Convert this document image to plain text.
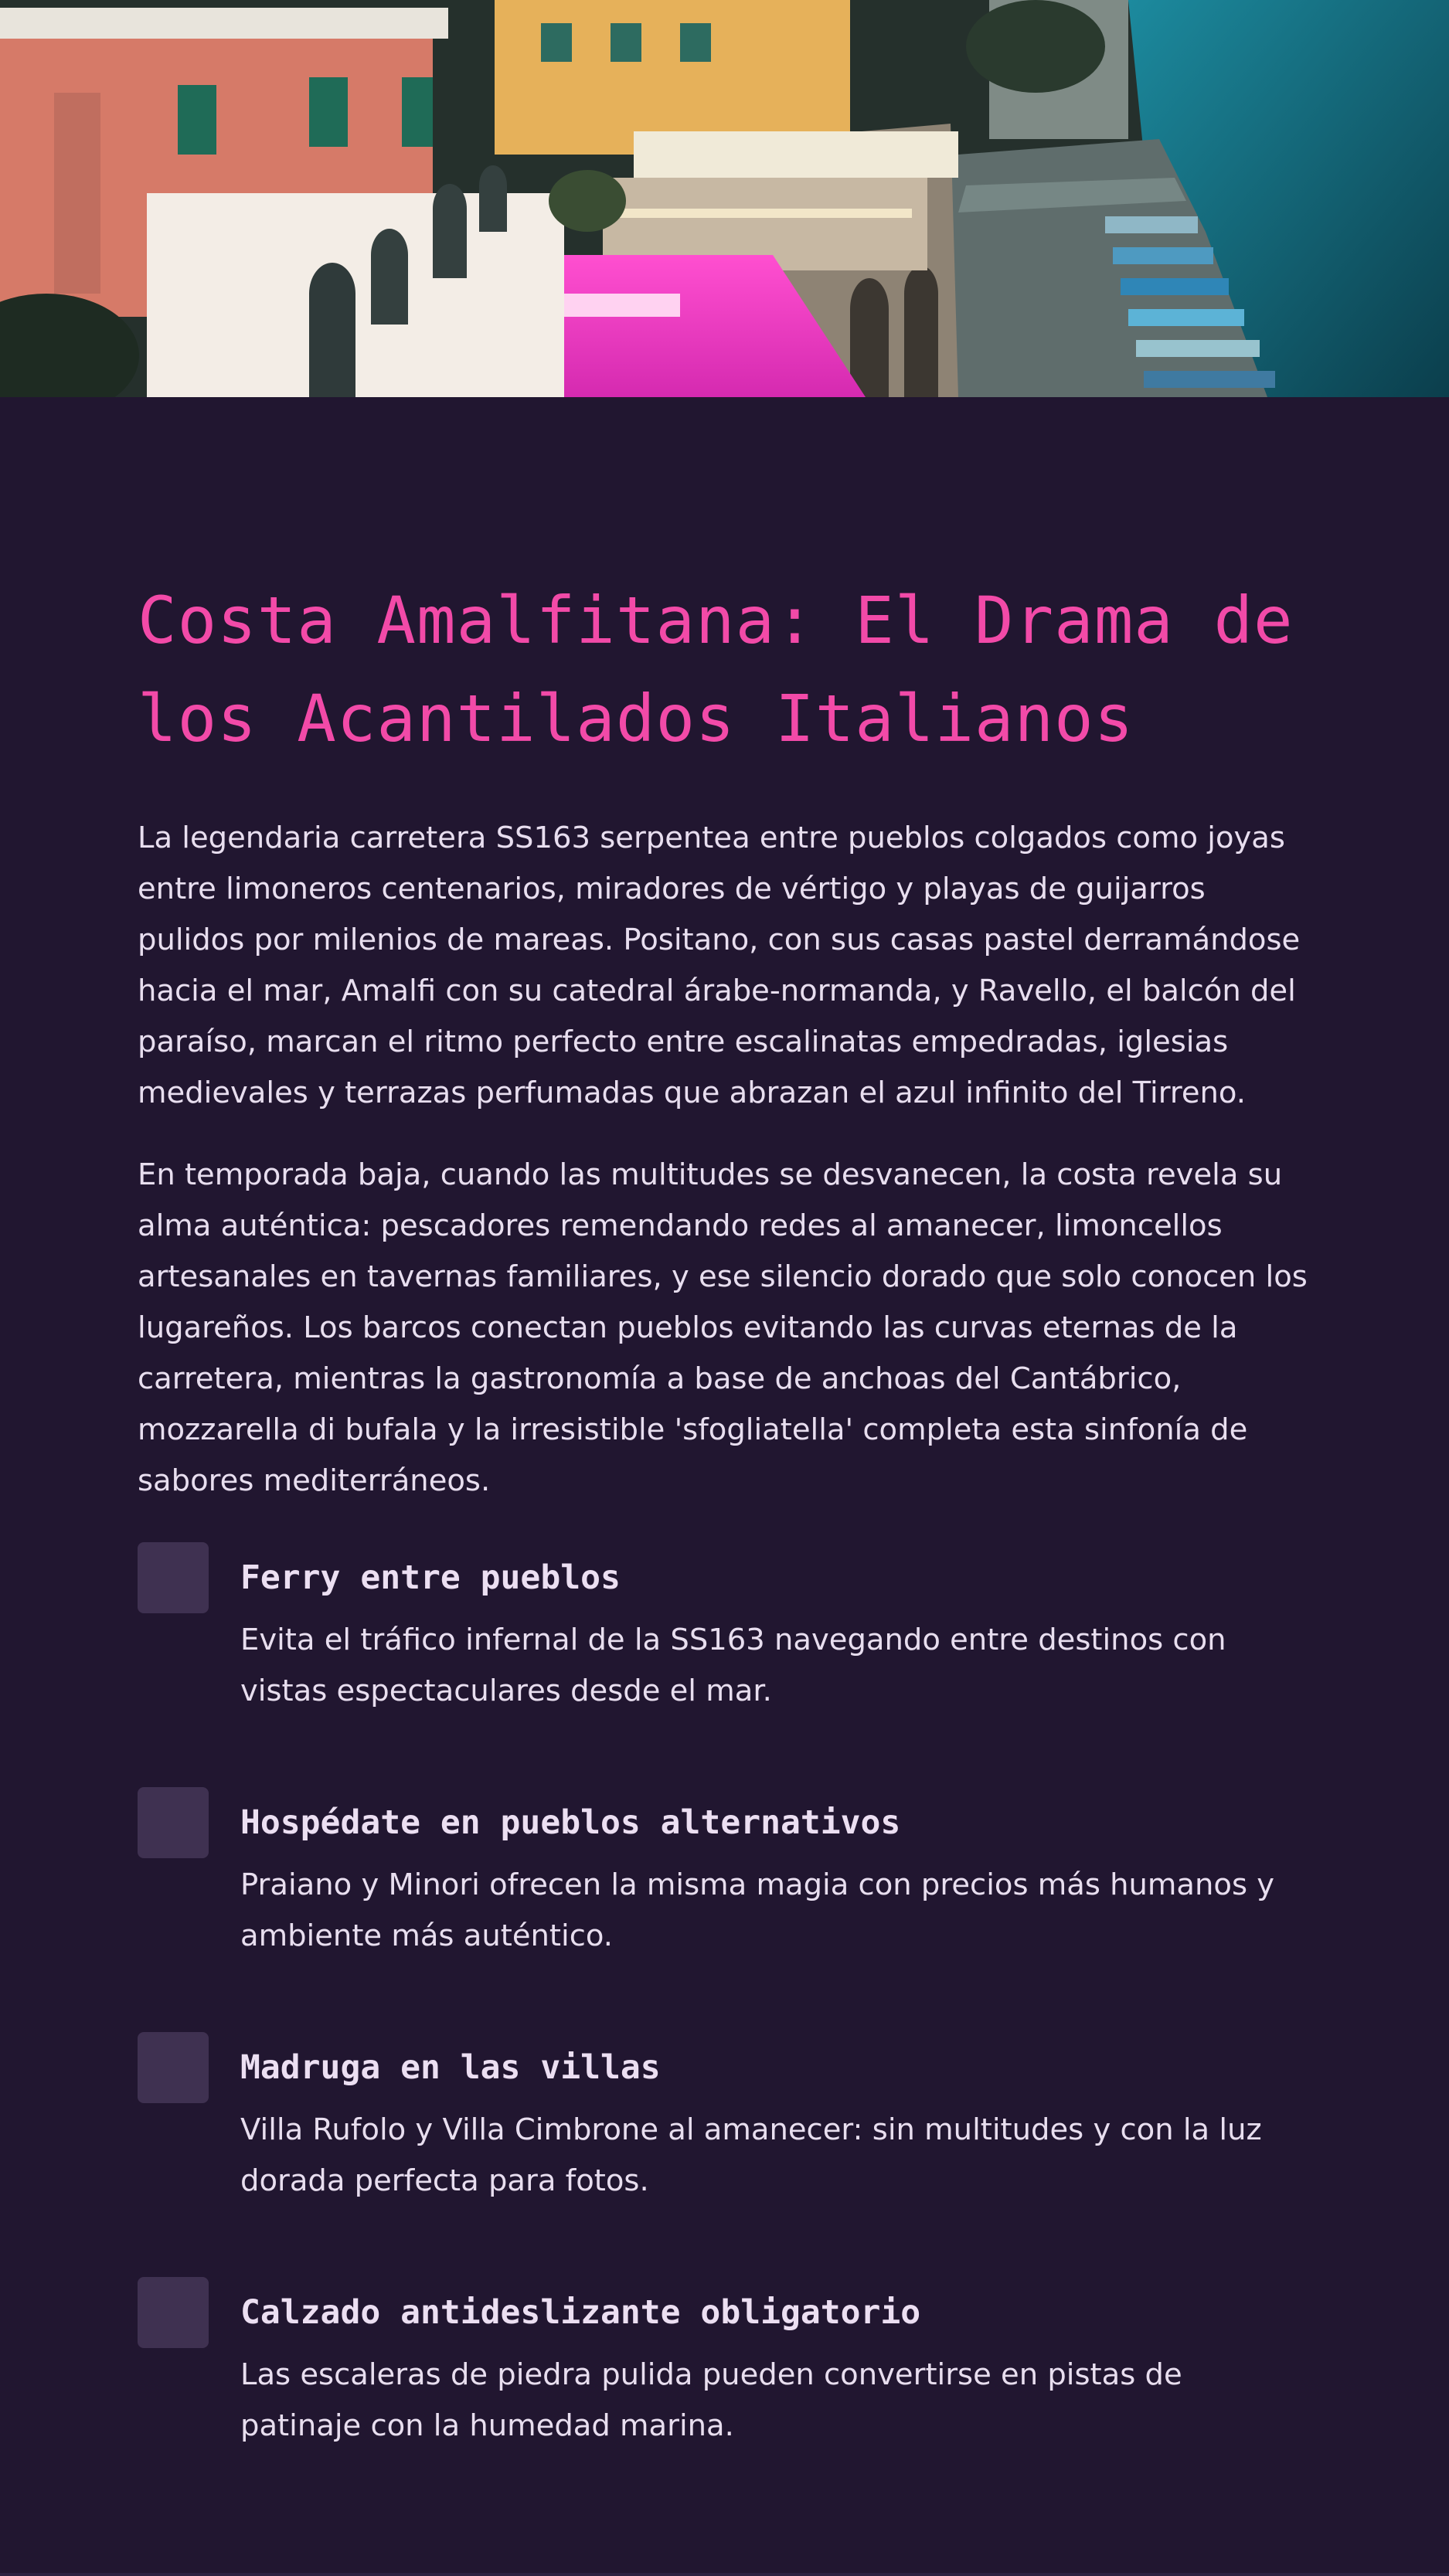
Costa Amalfitana: El Drama de los Acantilados Italianos

La legendaria carretera SS163 serpentea entre pueblos colgados como joyas entre limoneros centenarios, miradores de vértigo y playas de guijarros pulidos por milenios de mareas. Positano, con sus casas pastel derramándose hacia el mar, Amalfi con su catedral árabe-normanda, y Ravello, el balcón del paraíso, marcan el ritmo perfecto entre escalinatas empedradas, iglesias medievales y terrazas perfumadas que abrazan el azul infinito del Tirreno.

En temporada baja, cuando las multitudes se desvanecen, la costa revela su alma auténtica: pescadores remendando redes al amanecer, limoncellos artesanales en tavernas familiares, y ese silencio dorado que solo conocen los lugareños. Los barcos conectan pueblos evitando las curvas eternas de la carretera, mientras la gastronomía a base de anchoas del Cantábrico, mozzarella di bufala y la irresistible 'sfogliatella' completa esta sinfonía de sabores mediterráneos.

Ferry entre pueblos

Evita el tráfico infernal de la SS163 navegando entre destinos con vistas espectaculares desde el mar.

Hospédate en pueblos alternativos

Praiano y Minori ofrecen la misma magia con precios más humanos y ambiente más auténtico.

Madruga en las villas

Villa Rufolo y Villa Cimbrone al amanecer: sin multitudes y con la luz dorada perfecta para fotos.

Calzado antideslizante obligatorio

Las escaleras de piedra pulida pueden convertirse en pistas de patinaje con la humedad marina.
